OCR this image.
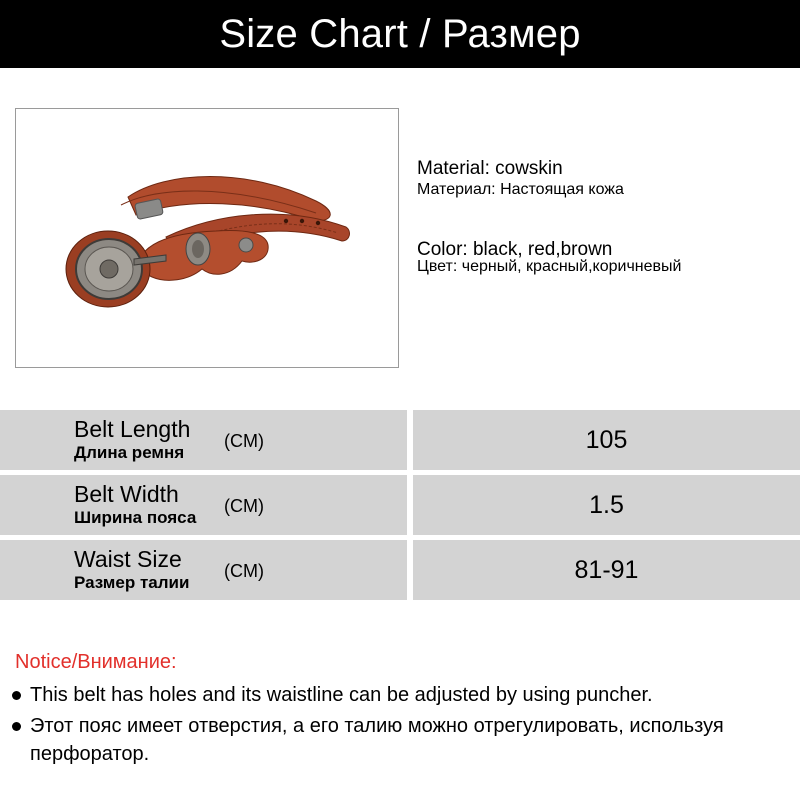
Size Chart / Размер
Material: cowskin
Материал: Настоящая кожа
Color: black, red,brown
Цвет: черный, красный,коричневый
Belt Length
Длина ремня
(CM)	105
Belt Width
Ширина пояса
(CM)	1.5
Waist Size
Размер талии
(CM)	81-91
Notice/Внимание:
This belt has holes and its waistline can be adjusted by using puncher.
Этот пояс имеет отверстия, а его талию можно отрегулировать, используя перфоратор.
